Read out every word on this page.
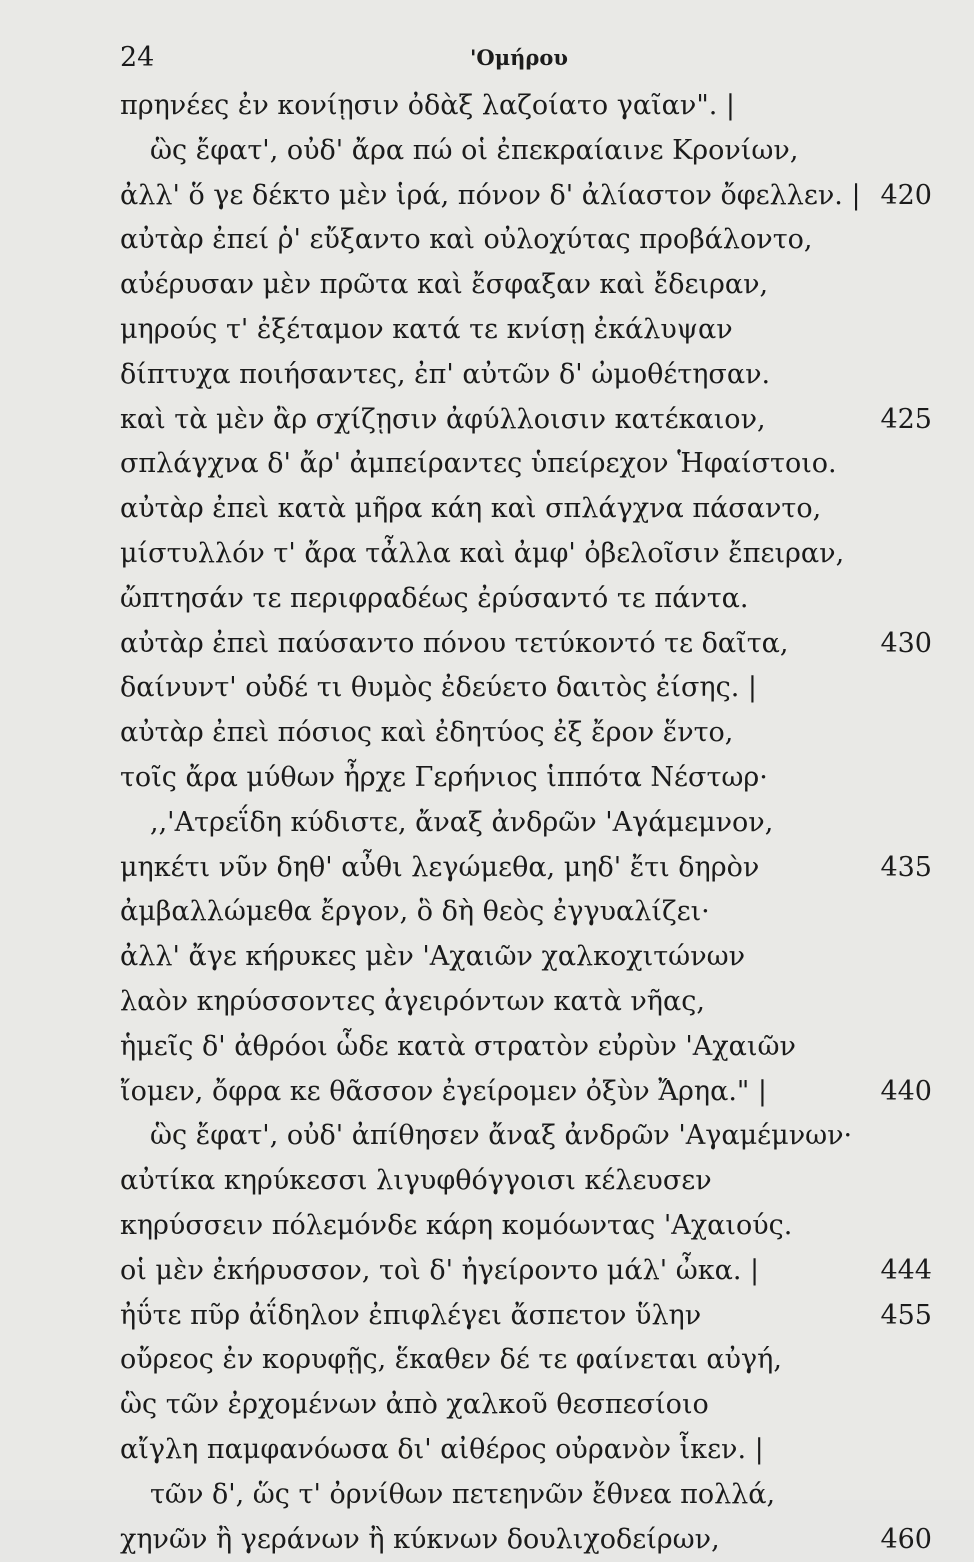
24	'Ομήρου
πρηνέες ἐν κονίῃσιν ὀδὰξ λαζοίατο γαῖαν". |
ὣς ἔφατ', οὐδ' ἄρα πώ οἱ ἐπεκραίαινε Κρονίων,
ἀλλ' ὅ γε δέκτο μὲν ἱρά, πόνον δ' ἀλίαστον ὄφελλεν. | 420
αὐτὰρ ἐπεί ῥ' εὔξαντο καὶ οὐλοχύτας προβάλοντο,
αὐέρυσαν μὲν πρῶτα καὶ ἔσφαξαν καὶ ἔδειραν,
μηρούς τ' ἐξέταμον κατά τε κνίσῃ ἐκάλυψαν
δίπτυχα ποιήσαντες, ἐπ' αὐτῶν δ' ὠμοθέτησαν.
καὶ τὰ μὲν ἂρ σχίζῃσιν ἀφύλλοισιν κατέκαιον,	425
σπλάγχνα δ' ἄρ' ἀμπείραντες ὑπείρεχον Ἡφαίστοιο.
αὐτὰρ ἐπεὶ κατὰ μῆρα κάη καὶ σπλάγχνα πάσαντο,
μίστυλλόν τ' ἄρα τἆλλα καὶ ἀμφ' ὀβελοῖσιν ἔπειραν,
ὤπτησάν τε περιφραδέως ἐρύσαντό τε πάντα.
αὐτὰρ ἐπεὶ παύσαντο πόνου τετύκοντό τε δαῖτα,	430
δαίνυντ' οὐδέ τι θυμὸς ἐδεύετο δαιτὸς ἐίσης. |
αὐτὰρ ἐπεὶ πόσιος καὶ ἐδητύος ἐξ ἔρον ἕντο,
τοῖς ἄρα μύθων ἦρχε Γερήνιος ἱππότα Νέστωρ·
,,'Ατρεΐδη κύδιστε, ἄναξ ἀνδρῶν 'Αγάμεμνον,
μηκέτι νῦν δηθ' αὖθι λεγώμεθα, μηδ' ἔτι δηρὸν	435
ἀμβαλλώμεθα ἔργον, ὃ δὴ θεὸς ἐγγυαλίζει·
ἀλλ' ἄγε κήρυκες μὲν 'Αχαιῶν χαλκοχιτώνων
λαὸν κηρύσσοντες ἀγειρόντων κατὰ νῆας,
ἡμεῖς δ' ἀθρόοι ὧδε κατὰ στρατὸν εὐρὺν 'Αχαιῶν
ἴομεν, ὄφρα κε θᾶσσον ἐγείρομεν ὀξὺν Ἄρηα." |	440
ὣς ἔφατ', οὐδ' ἀπίθησεν ἄναξ ἀνδρῶν 'Αγαμέμνων·
αὐτίκα κηρύκεσσι λιγυφθόγγοισι κέλευσεν
κηρύσσειν πόλεμόνδε κάρη κομόωντας 'Αχαιούς.
οἱ μὲν ἐκήρυσσον, τοὶ δ' ἠγείροντο μάλ' ὦκα. |	444
ἠΰτε πῦρ ἀΐδηλον ἐπιφλέγει ἄσπετον ὕλην	455
οὔρεος ἐν κορυφῇς, ἕκαθεν δέ τε φαίνεται αὐγή,
ὣς τῶν ἐρχομένων ἀπὸ χαλκοῦ θεσπεσίοιο
αἴγλη παμφανόωσα δι' αἰθέρος οὐρανὸν ἷκεν. |
τῶν δ', ὥς τ' ὀρνίθων πετεηνῶν ἔθνεα πολλά,
χηνῶν ἢ γεράνων ἢ κύκνων δουλιχοδείρων,	460
